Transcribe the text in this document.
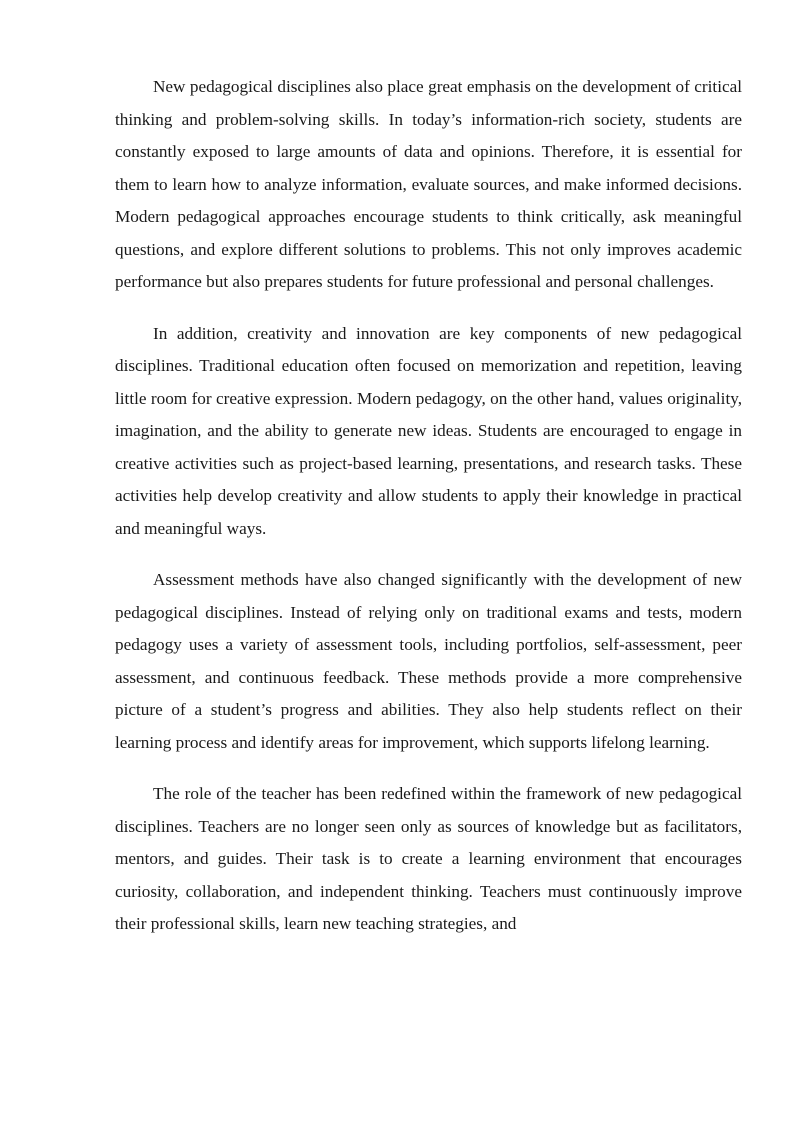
New pedagogical disciplines also place great emphasis on the development of critical thinking and problem-solving skills. In today’s information-rich society, students are constantly exposed to large amounts of data and opinions. Therefore, it is essential for them to learn how to analyze information, evaluate sources, and make informed decisions. Modern pedagogical approaches encourage students to think critically, ask meaningful questions, and explore different solutions to problems. This not only improves academic performance but also prepares students for future professional and personal challenges.

In addition, creativity and innovation are key components of new pedagogical disciplines. Traditional education often focused on memorization and repetition, leaving little room for creative expression. Modern pedagogy, on the other hand, values originality, imagination, and the ability to generate new ideas. Students are encouraged to engage in creative activities such as project-based learning, presentations, and research tasks. These activities help develop creativity and allow students to apply their knowledge in practical and meaningful ways.

Assessment methods have also changed significantly with the development of new pedagogical disciplines. Instead of relying only on traditional exams and tests, modern pedagogy uses a variety of assessment tools, including portfolios, self-assessment, peer assessment, and continuous feedback. These methods provide a more comprehensive picture of a student’s progress and abilities. They also help students reflect on their learning process and identify areas for improvement, which supports lifelong learning.

The role of the teacher has been redefined within the framework of new pedagogical disciplines. Teachers are no longer seen only as sources of knowledge but as facilitators, mentors, and guides. Their task is to create a learning environment that encourages curiosity, collaboration, and independent thinking. Teachers must continuously improve their professional skills, learn new teaching strategies, and
